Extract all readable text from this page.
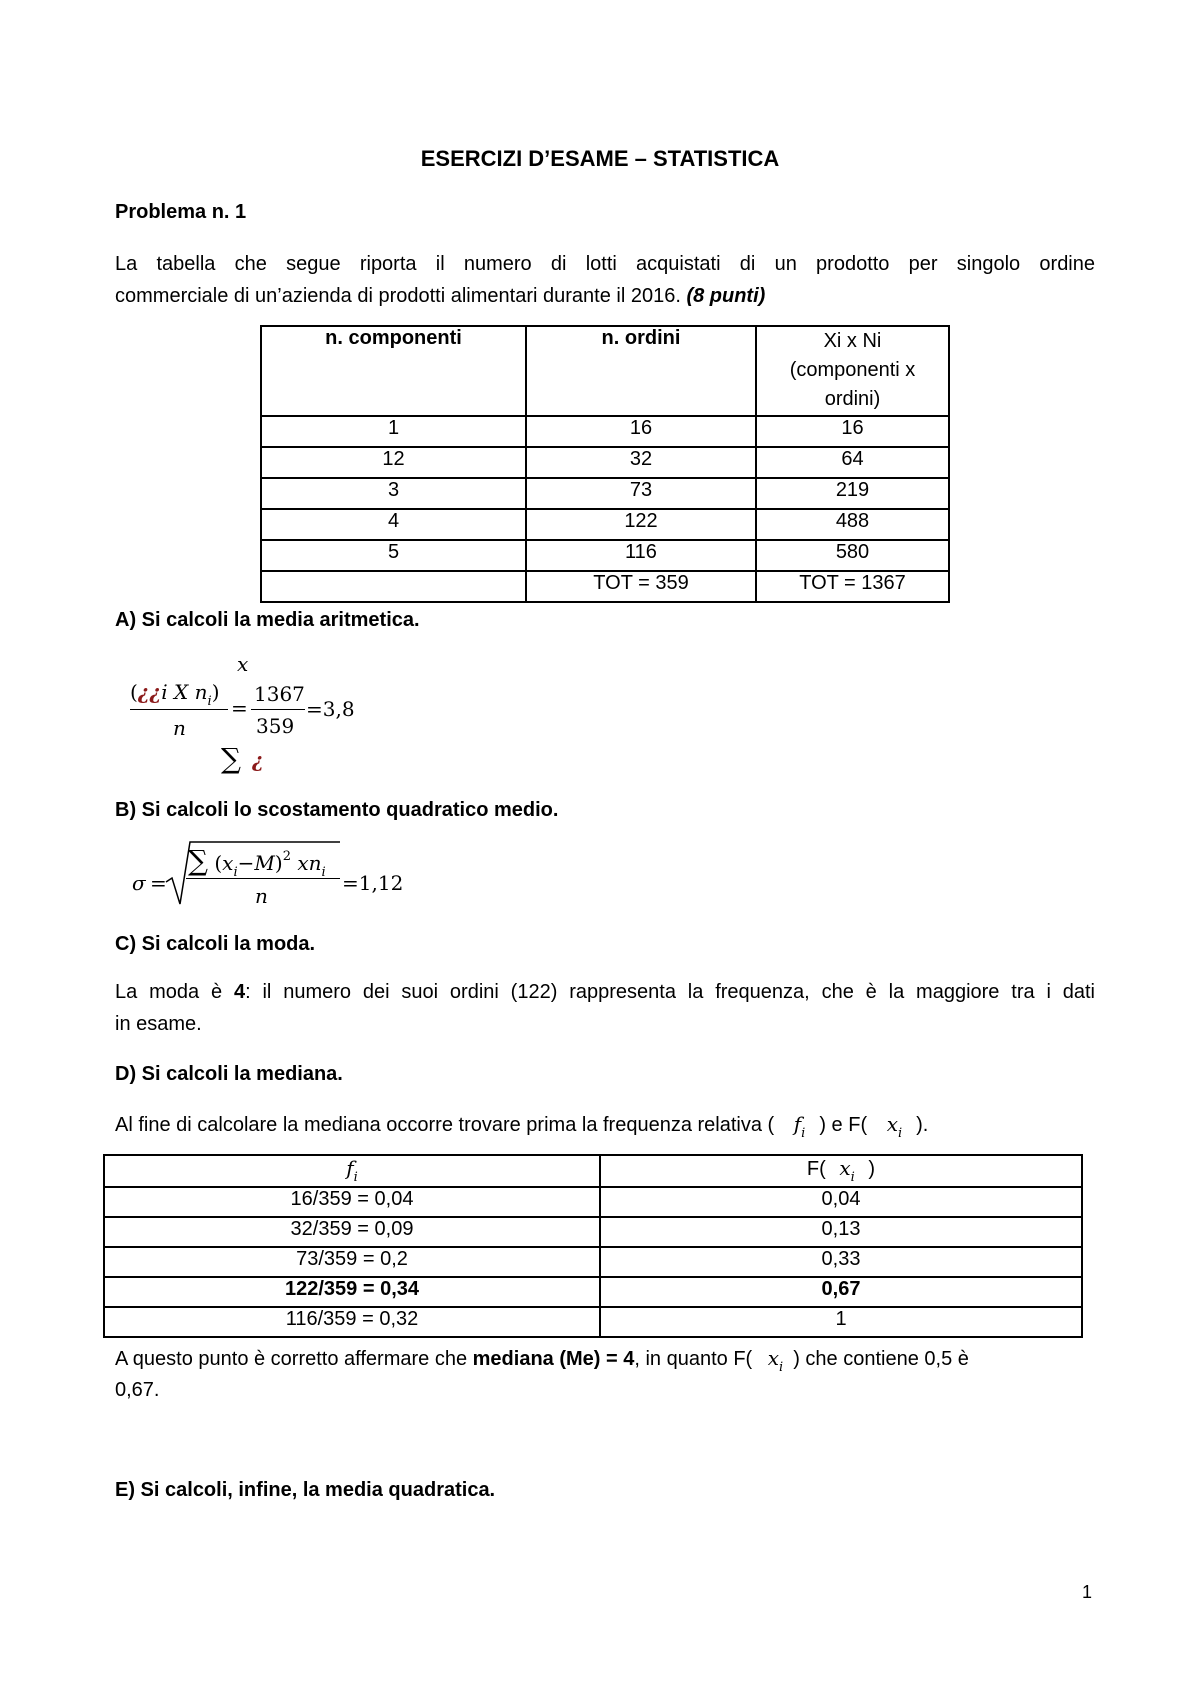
ESERCIZI D’ESAME – STATISTICA
Problema n. 1
La tabella che segue riporta il numero di lotti acquistati di un prodotto per singolo ordine
commerciale di un’azienda di prodotti alimentari durante il 2016. (8 punti)
n. componenti	n. ordini	Xi x Ni
(componenti x
ordini)

1	16	16
12	32	64
3	73	219
4	122	488
5	116	580
	TOT = 359	TOT = 1367
A) Si calcoli la media aritmetica.
x
(¿¿i X $n_i$)
n
=
1367
359
=3,8
∑ ¿
B) Si calcoli lo scostamento quadratico medio.
σ =
∑ $(x_i-M)^2$ $xn_i$
n
=1,12
C) Si calcoli la moda.
La moda è 4: il numero dei suoi ordini (122) rappresenta la frequenza, che è la maggiore tra i dati
in esame.
D) Si calcoli la mediana.
Al fine di calcolare la mediana occorre trovare prima la frequenza relativa ( $f_i$ ) e F( $x_i$ ).
$f_i$	F( $x_i$ )
16/359 = 0,04	0,04
32/359 = 0,09	0,13
73/359 = 0,2	0,33
122/359 = 0,34	0,67
116/359 = 0,32	1
A questo punto è corretto affermare che mediana (Me) = 4, in quanto F( $x_i$ ) che contiene 0,5 è
0,67.
E) Si calcoli, infine, la media quadratica.
1
